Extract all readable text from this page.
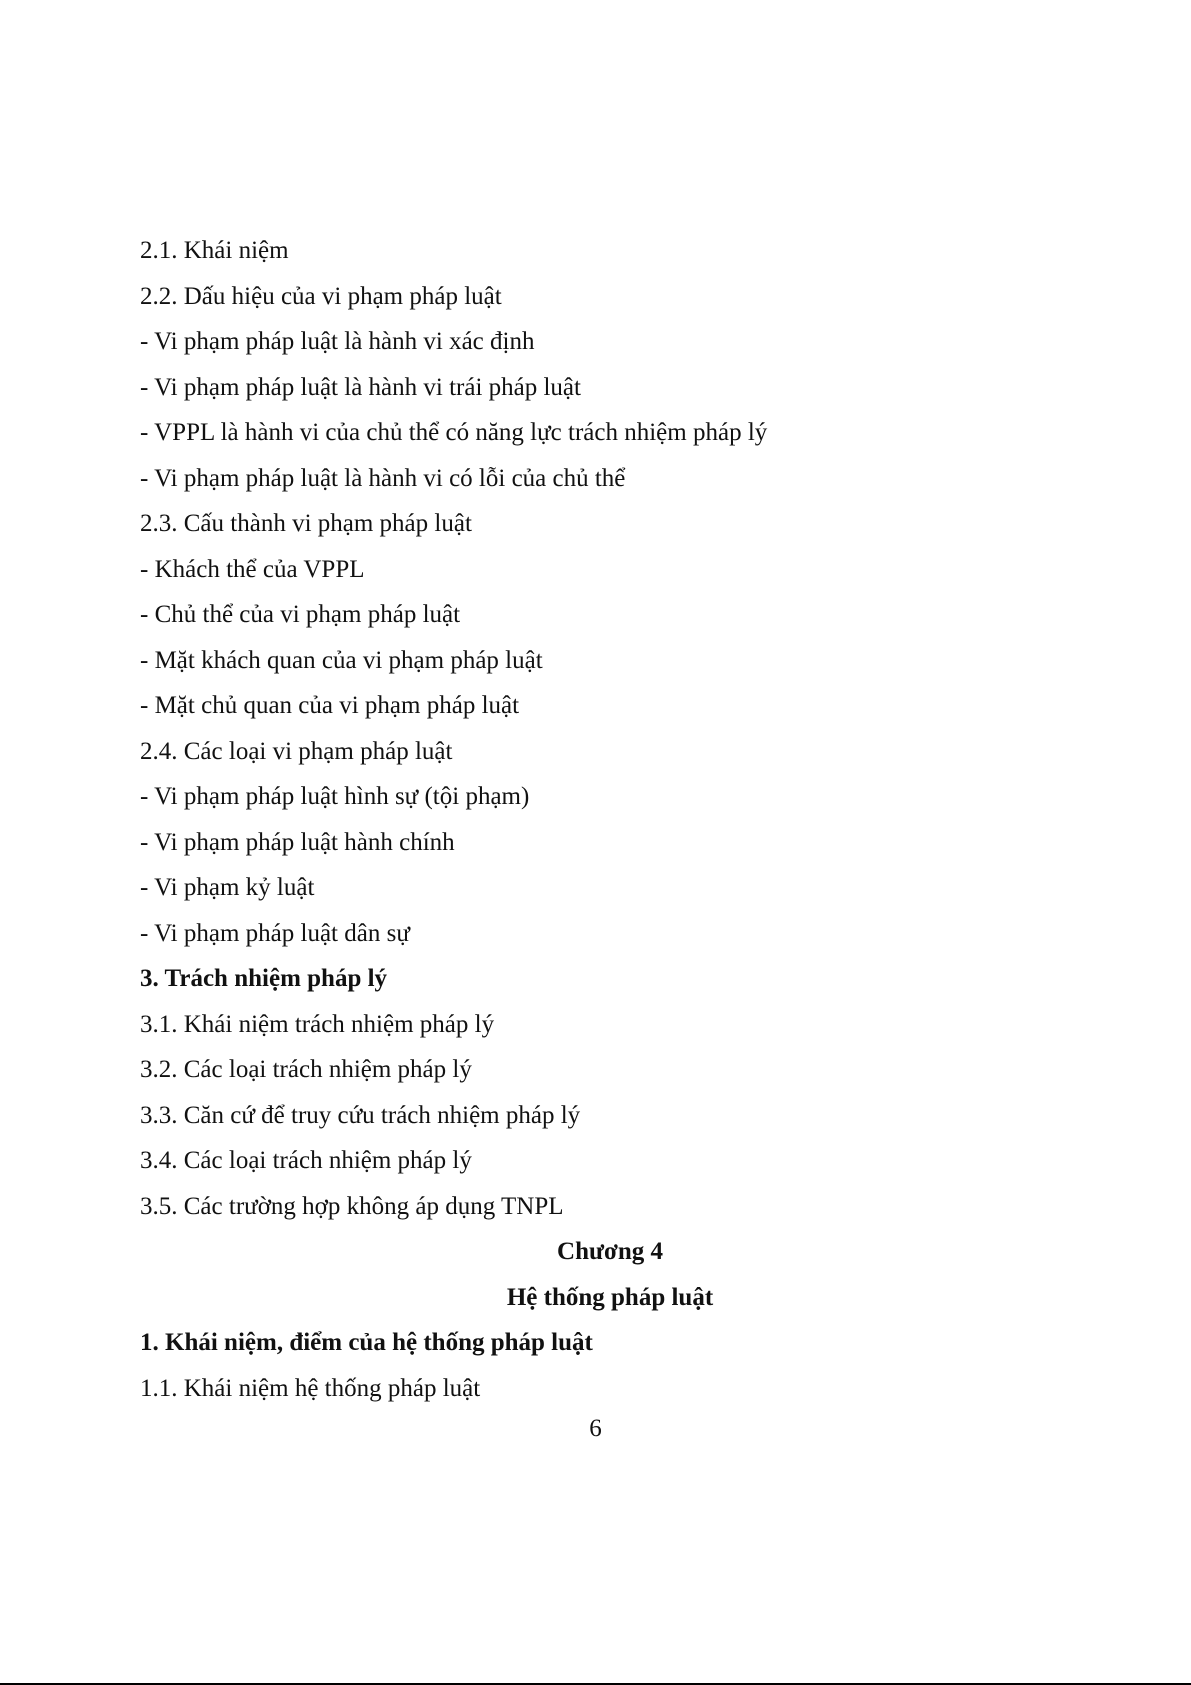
2.1. Khái niệm
2.2. Dấu hiệu của vi phạm pháp luật
- Vi phạm pháp luật là hành vi xác định
- Vi phạm pháp luật là hành vi trái pháp luật
- VPPL là hành vi của chủ thể có năng lực trách nhiệm pháp lý
- Vi phạm pháp luật là hành vi có lỗi của chủ thể
2.3. Cấu thành vi phạm pháp luật
- Khách thể của VPPL
- Chủ thể của vi phạm pháp luật
- Mặt khách quan của vi phạm pháp luật
- Mặt chủ quan của vi phạm pháp luật
2.4. Các loại vi phạm pháp luật
- Vi phạm pháp luật hình sự (tội phạm)
- Vi phạm pháp luật hành chính
- Vi phạm kỷ luật
- Vi phạm pháp luật dân sự
3. Trách nhiệm pháp lý
3.1. Khái niệm trách nhiệm pháp lý
3.2. Các loại trách nhiệm pháp lý
3.3. Căn cứ để truy cứu trách nhiệm pháp lý
3.4. Các loại trách nhiệm pháp lý
3.5. Các trường hợp không áp dụng TNPL
Chương 4
Hệ thống pháp luật
1. Khái niệm, điểm của hệ thống pháp luật
1.1. Khái niệm hệ thống pháp luật
6
